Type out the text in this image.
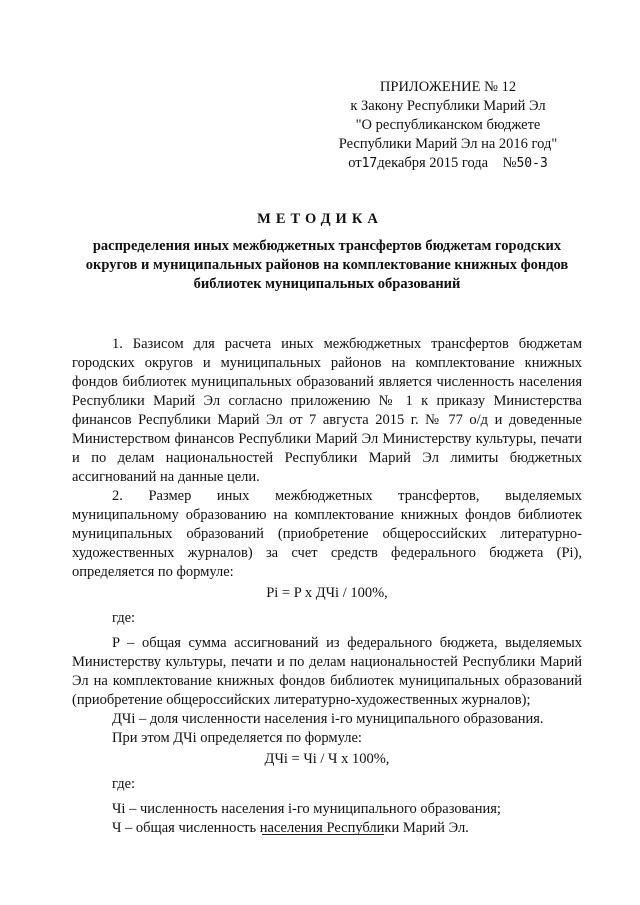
ПРИЛОЖЕНИЕ № 12
к Закону Республики Марий Эл
"О республиканском бюджете
Республики Марий Эл на 2016 год"
от17декабря 2015 года №50-З
МЕТОДИКА
распределения иных межбюджетных трансфертов бюджетам городских округов и муниципальных районов на комплектование книжных фондов библиотек муниципальных образований

1. Базисом для расчета иных межбюджетных трансфертов бюджетам городских округов и муниципальных районов на комплектование книжных фондов библиотек муниципальных образований является численность населения Республики Марий Эл согласно приложению № 1 к приказу Министерства финансов Республики Марий Эл от 7 августа 2015 г. № 77 о/д и доведенные Министерством финансов Республики Марий Эл Министерству культуры, печати и по делам национальностей Республики Марий Эл лимиты бюджетных ассигнований на данные цели.

2. Размер иных межбюджетных трансфертов, выделяемых муниципальному образованию на комплектование книжных фондов библиотек муниципальных образований (приобретение общероссийских литературно-художественных журналов) за счет средств федерального бюджета (Pi), определяется по формуле:

Pi = P х ДЧi / 100%,
где:

P – общая сумма ассигнований из федерального бюджета, выделяемых Министерству культуры, печати и по делам национальностей Республики Марий Эл на комплектование книжных фондов библиотек муниципальных образований (приобретение общероссийских литературно-художественных журналов);

ДЧi – доля численности населения i-го муниципального образования.

При этом ДЧi определяется по формуле:

ДЧi = Чi / Ч х 100%,
где:

Чi – численность населения i-го муниципального образования;

Ч – общая численность населения Республики Марий Эл.
